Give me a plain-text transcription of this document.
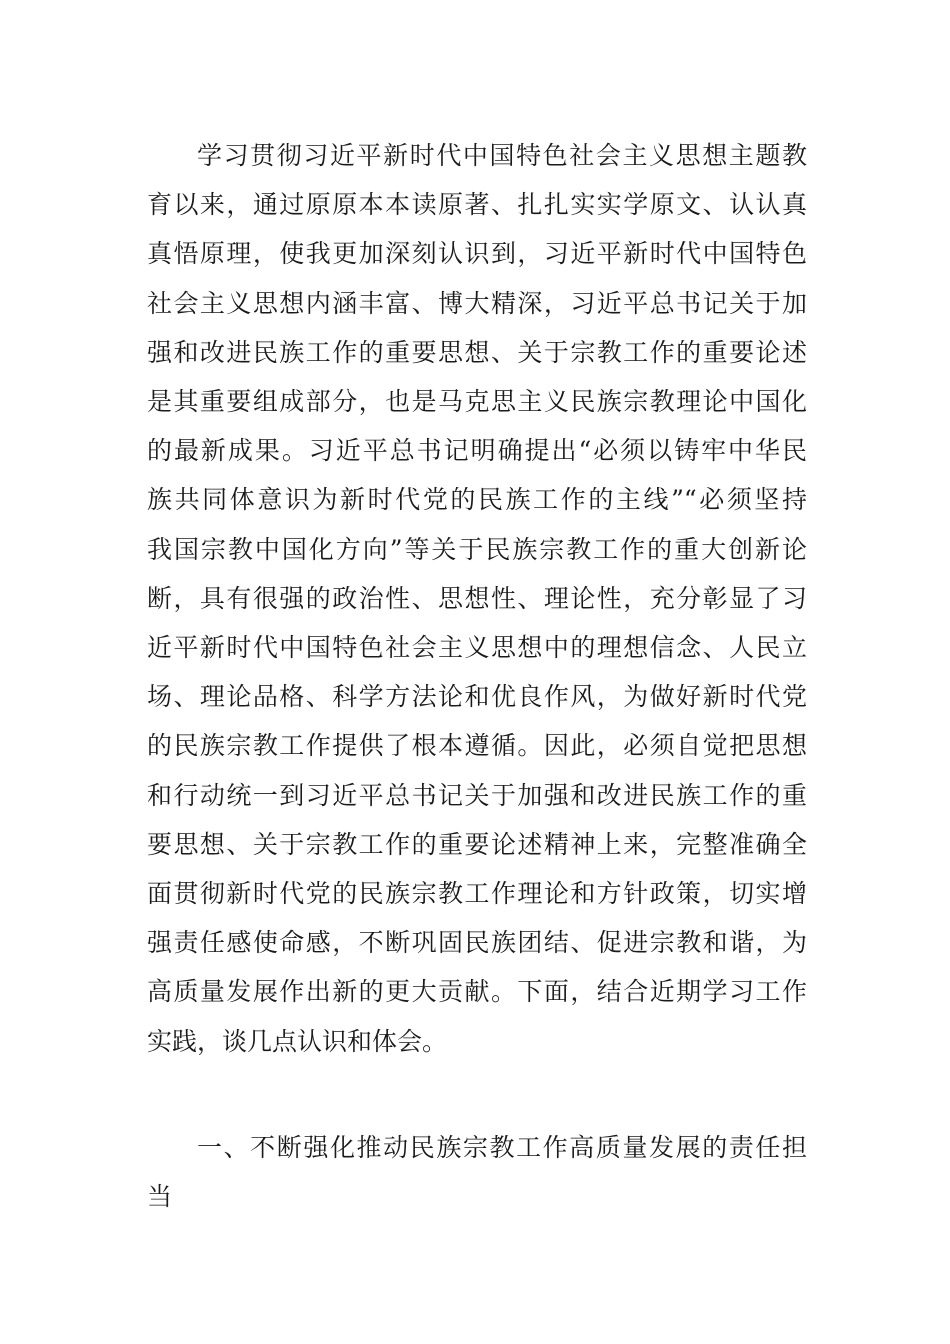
学习贯彻习近平新时代中国特色社会主义思想主题教
育以来，通过原原本本读原著、扎扎实实学原文、认认真
真悟原理，使我更加深刻认识到，习近平新时代中国特色
社会主义思想内涵丰富、博大精深，习近平总书记关于加
强和改进民族工作的重要思想、关于宗教工作的重要论述
是其重要组成部分，也是马克思主义民族宗教理论中国化
的最新成果。习近平总书记明确提出“必须以铸牢中华民
族共同体意识为新时代党的民族工作的主线”“必须坚持
我国宗教中国化方向”等关于民族宗教工作的重大创新论
断，具有很强的政治性、思想性、理论性，充分彰显了习
近平新时代中国特色社会主义思想中的理想信念、人民立
场、理论品格、科学方法论和优良作风，为做好新时代党
的民族宗教工作提供了根本遵循。因此，必须自觉把思想
和行动统一到习近平总书记关于加强和改进民族工作的重
要思想、关于宗教工作的重要论述精神上来，完整准确全
面贯彻新时代党的民族宗教工作理论和方针政策，切实增
强责任感使命感，不断巩固民族团结、促进宗教和谐，为
高质量发展作出新的更大贡献。下面，结合近期学习工作
实践，谈几点认识和体会。
一、不断强化推动民族宗教工作高质量发展的责任担
当
